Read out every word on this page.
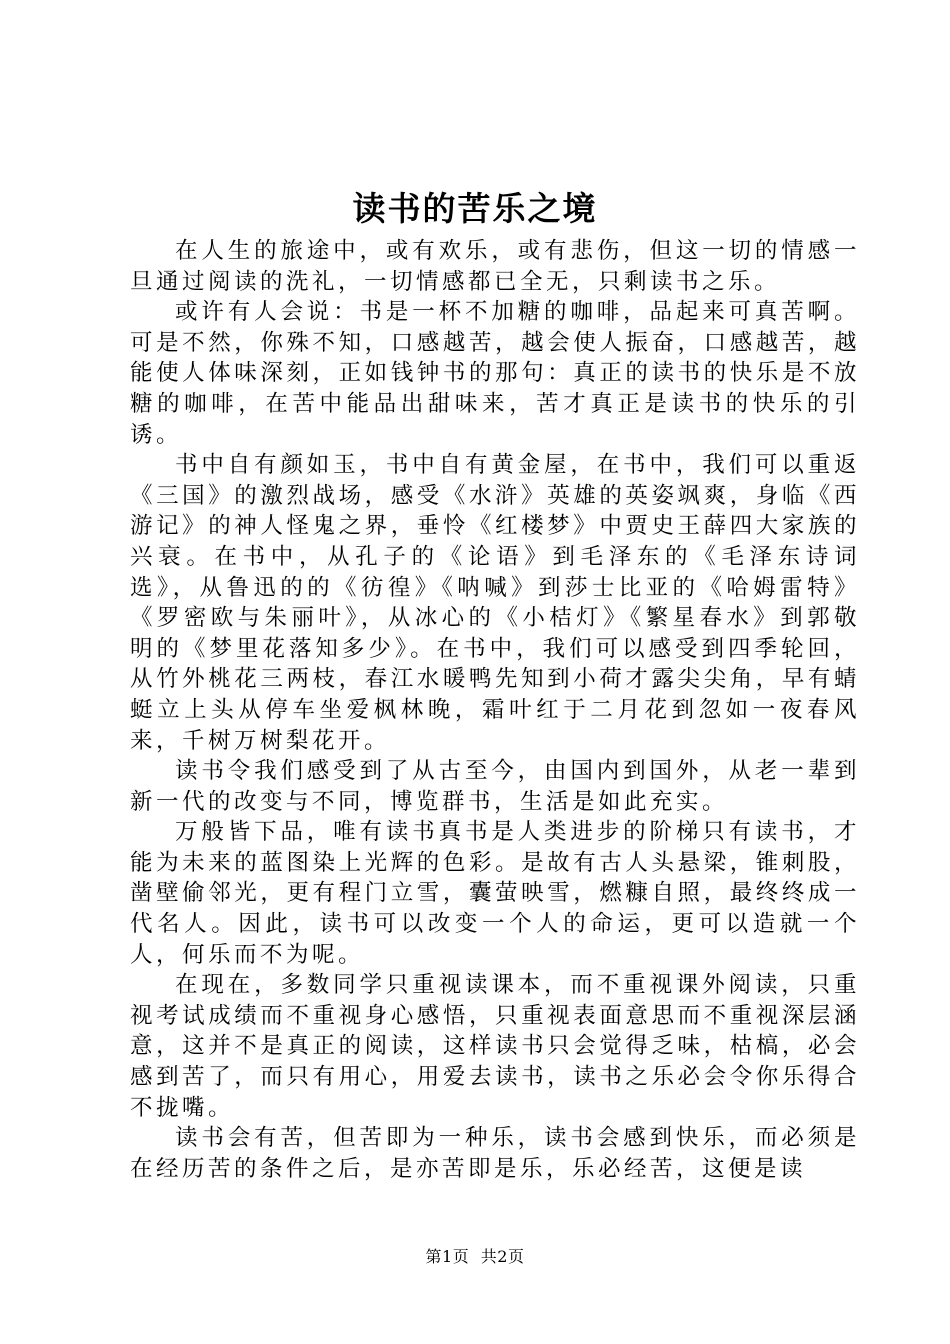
读书的苦乐之境

在人生的旅途中，或有欢乐，或有悲伤，但这一切的情感一旦通过阅读的洗礼，一切情感都已全无，只剩读书之乐。

或许有人会说：书是一杯不加糖的咖啡，品起来可真苦啊。可是不然，你殊不知，口感越苦，越会使人振奋，口感越苦，越能使人体味深刻，正如钱钟书的那句：真正的读书的快乐是不放糖的咖啡，在苦中能品出甜味来，苦才真正是读书的快乐的引诱。

书中自有颜如玉，书中自有黄金屋，在书中，我们可以重返《三国》的激烈战场，感受《水浒》英雄的英姿飒爽，身临《西游记》的神人怪鬼之界，垂怜《红楼梦》中贾史王薛四大家族的兴衰。在书中，从孔子的《论语》到毛泽东的《毛泽东诗词选》，从鲁迅的的《彷徨》《呐喊》到莎士比亚的《哈姆雷特》《罗密欧与朱丽叶》，从冰心的《小桔灯》《繁星春水》到郭敬明的《梦里花落知多少》。在书中，我们可以感受到四季轮回，从竹外桃花三两枝，春江水暖鸭先知到小荷才露尖尖角，早有蜻蜓立上头从停车坐爱枫林晚，霜叶红于二月花到忽如一夜春风来，千树万树梨花开。

读书令我们感受到了从古至今，由国内到国外，从老一辈到新一代的改变与不同，博览群书，生活是如此充实。

万般皆下品，唯有读书真书是人类进步的阶梯只有读书，才能为未来的蓝图染上光辉的色彩。是故有古人头悬梁，锥刺股，凿壁偷邻光，更有程门立雪，囊萤映雪，燃糠自照，最终终成一代名人。因此，读书可以改变一个人的命运，更可以造就一个人，何乐而不为呢。

在现在，多数同学只重视读课本，而不重视课外阅读，只重视考试成绩而不重视身心感悟，只重视表面意思而不重视深层涵意，这并不是真正的阅读，这样读书只会觉得乏味，枯槁，必会感到苦了，而只有用心，用爱去读书，读书之乐必会令你乐得合不拢嘴。

读书会有苦，但苦即为一种乐，读书会感到快乐，而必须是在经历苦的条件之后，是亦苦即是乐，乐必经苦，这便是读

第1页 共2页
